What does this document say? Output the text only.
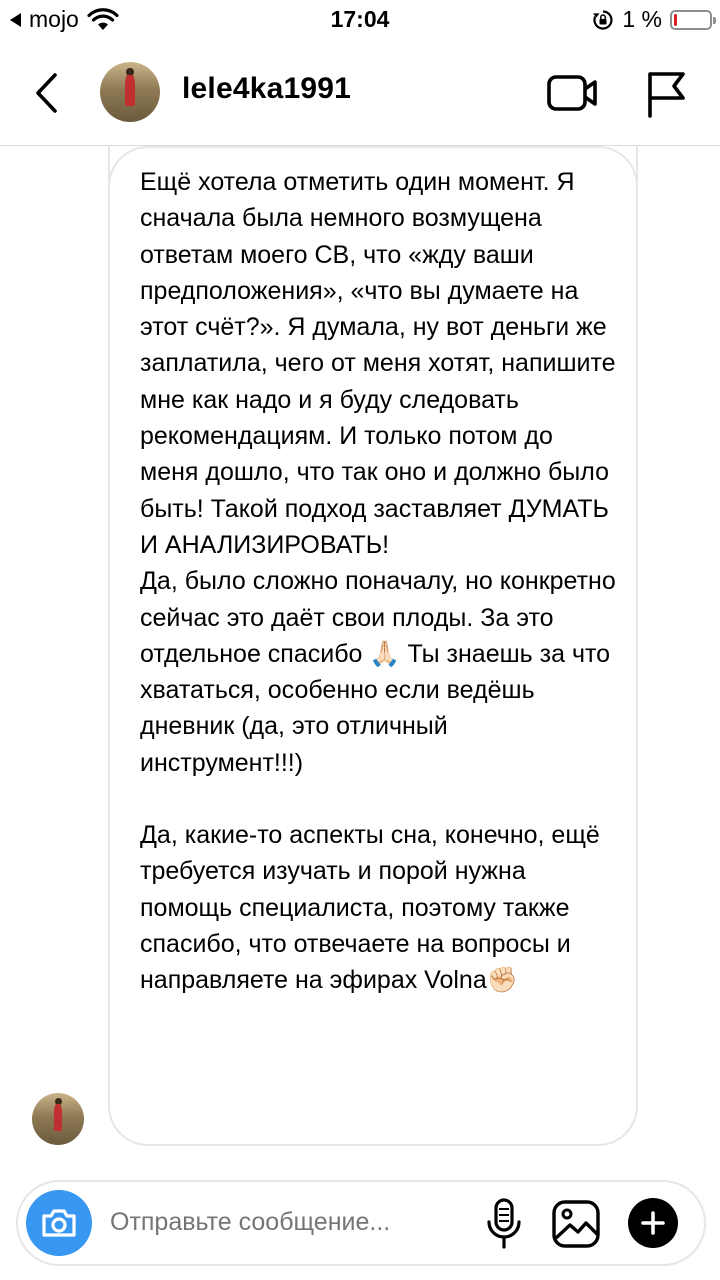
mojo	17:04	1 %
lele4ka1991
Ещё хотела отметить один момент. Я сначала была немного возмущена ответам моего СВ, что «жду ваши предположения», «что вы думаете на этот счёт?». Я думала, ну вот деньги же заплатила, чего от меня хотят, напишите мне как надо и я буду следовать рекомендациям. И только потом до меня дошло, что так оно и должно было быть! Такой подход заставляет ДУМАТЬ И АНАЛИЗИРОВАТЬ!
Да, было сложно поначалу, но конкретно сейчас это даёт свои плоды. За это отдельное спасибо 🙏🏻 Ты знаешь за что хвататься, особенно если ведёшь дневник (да, это отличный инструмент!!!)
Да, какие-то аспекты сна, конечно, ещё требуется изучать и порой нужна помощь специалиста, поэтому также спасибо, что отвечаете на вопросы и направляете на эфирах Volna✊🏻
Отправьте сообщение...
